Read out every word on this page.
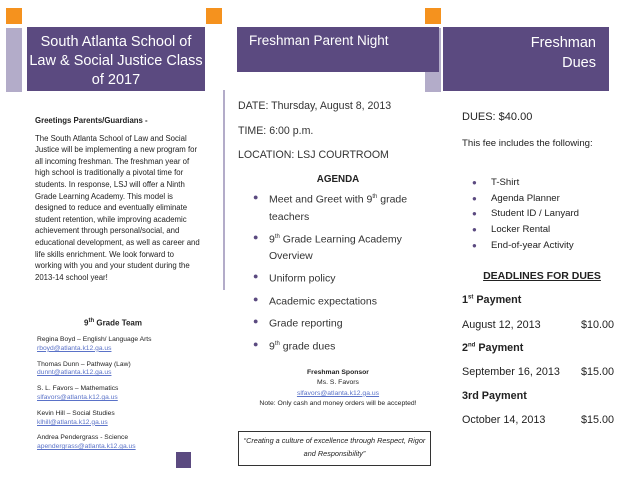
South Atlanta School of Law & Social Justice Class of 2017
Greetings Parents/Guardians -
The South Atlanta School of Law and Social Justice will be implementing a new program for all incoming freshman. The freshman year of high school is traditionally a pivotal time for students. In response, LSJ will offer a Ninth Grade Learning Academy. This model is designed to reduce and eventually eliminate student retention, while improving academic achievement through personal/social, and educational development, as well as career and life skills enrichment. We look forward to working with you and your student during the 2013-14 school year!
9th Grade Team
Regina Boyd – English/ Language Arts
rboyd@atlanta.k12.ga.us
Thomas Dunn – Pathway (Law)
dunnt@atlanta.k12.ga.us
S. L. Favors – Mathematics
slfavors@atlanta.k12.ga.us
Kevin Hill – Social Studies
klhill@atlanta.k12.ga.us
Andrea Pendergrass - Science
apendergrass@atlanta.k12.ga.us
Freshman Parent Night
DATE: Thursday, August 8, 2013
TIME: 6:00 p.m.
LOCATION: LSJ COURTROOM
AGENDA
● Meet and Greet with 9th grade teachers
● 9th Grade Learning Academy Overview
● Uniform policy
● Academic expectations
● Grade reporting
● 9th grade dues
Freshman Sponsor
Ms. S. Favors
slfavors@atlanta.k12.ga.us
Note: Only cash and money orders will be accepted!
“Creating a culture of excellence through Respect, Rigor and Responsibility”
Freshman
Dues
DUES: $40.00
This fee includes the following:
● T-Shirt
● Agenda Planner
● Student ID / Lanyard
● Locker Rental
● End-of-year Activity
DEADLINES FOR DUES
1st Payment
August 12, 2013	$10.00
2nd Payment
September 16, 2013 $15.00
3rd Payment
October 14, 2013	$15.00
